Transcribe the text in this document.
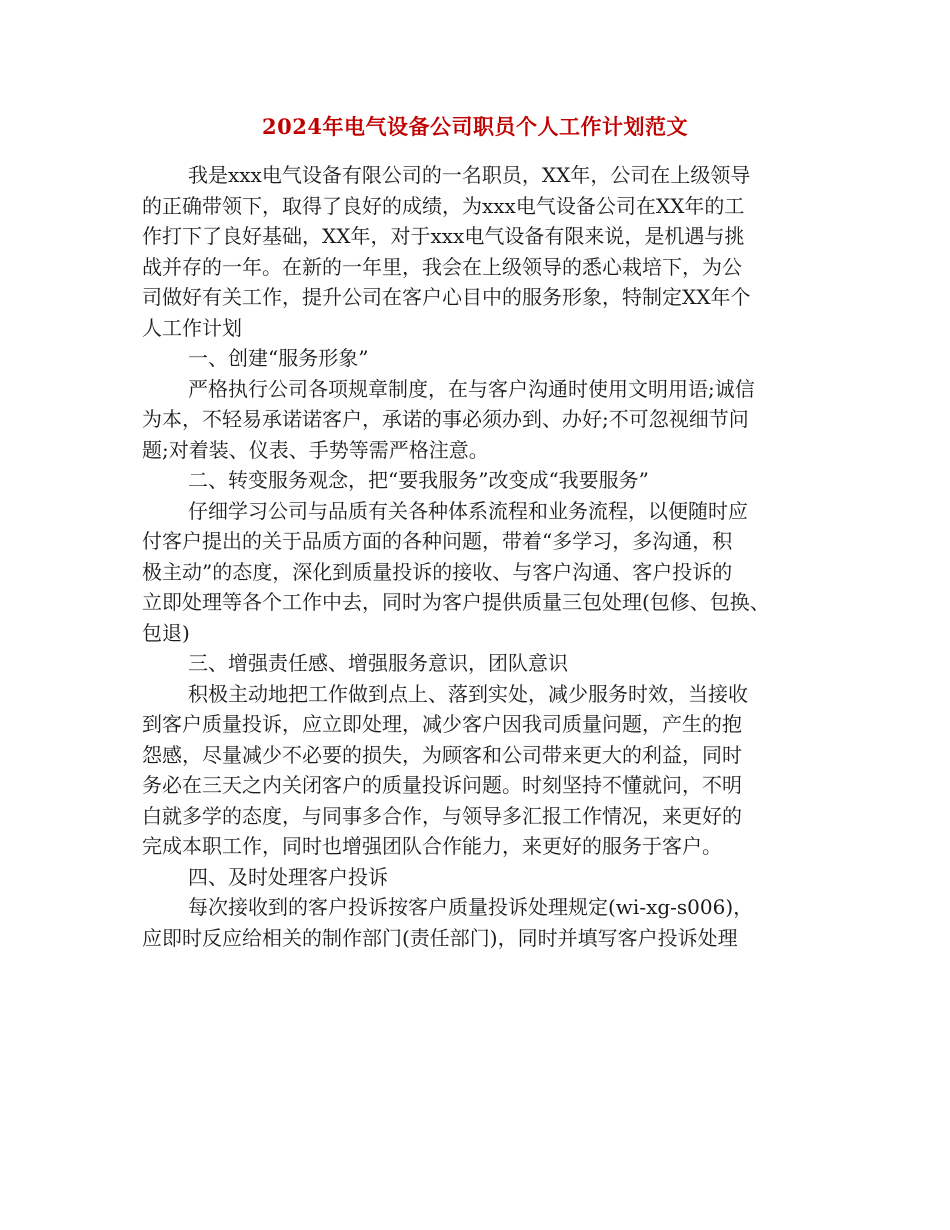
2024年电气设备公司职员个人工作计划范文
我是xxx电气设备有限公司的一名职员，XX年，公司在上级领导
的正确带领下，取得了良好的成绩，为xxx电气设备公司在XX年的工
作打下了良好基础，XX年，对于xxx电气设备有限来说，是机遇与挑
战并存的一年。在新的一年里，我会在上级领导的悉心栽培下，为公
司做好有关工作，提升公司在客户心目中的服务形象，特制定XX年个
人工作计划
一、创建“服务形象”
严格执行公司各项规章制度，在与客户沟通时使用文明用语;诚信
为本，不轻易承诺诺客户，承诺的事必须办到、办好;不可忽视细节问
题;对着装、仪表、手势等需严格注意。
二、转变服务观念，把“要我服务”改变成“我要服务”
仔细学习公司与品质有关各种体系流程和业务流程，以便随时应
付客户提出的关于品质方面的各种问题，带着“多学习，多沟通，积
极主动”的态度，深化到质量投诉的接收、与客户沟通、客户投诉的
立即处理等各个工作中去，同时为客户提供质量三包处理(包修、包换、
包退)
三、增强责任感、增强服务意识，团队意识
积极主动地把工作做到点上、落到实处，减少服务时效，当接收
到客户质量投诉，应立即处理，减少客户因我司质量问题，产生的抱
怨感，尽量减少不必要的损失，为顾客和公司带来更大的利益，同时
务必在三天之内关闭客户的质量投诉问题。时刻坚持不懂就问，不明
白就多学的态度，与同事多合作，与领导多汇报工作情况，来更好的
完成本职工作，同时也增强团队合作能力，来更好的服务于客户。
四、及时处理客户投诉
每次接收到的客户投诉按客户质量投诉处理规定(wi-xg-s006)，
应即时反应给相关的制作部门(责任部门)，同时并填写客户投诉处理
